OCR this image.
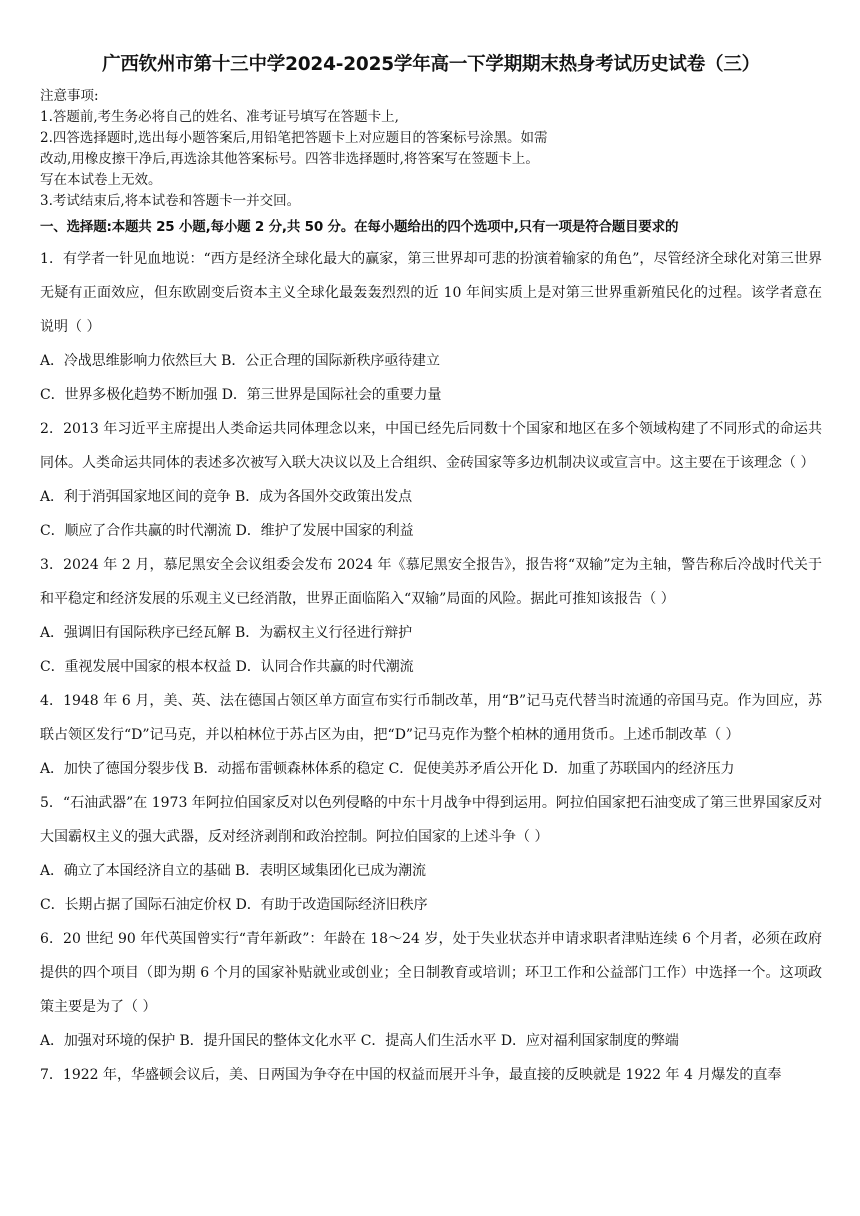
广西钦州市第十三中学2024-2025学年高一下学期期末热身考试历史试卷（三）
注意事项:
1.答题前,考生务必将自己的姓名、准考证号填写在答题卡上,
2.四答选择题时,选出每小题答案后,用铅笔把答题卡上对应题目的答案标号涂黑。如需
改动,用橡皮擦干净后,再选涂其他答案标号。四答非选择题时,将答案写在签题卡上。
写在本试卷上无效。
3.考试结束后,将本试卷和答题卡一并交回。
一、选择题:本题共 25 小题,每小题 2 分,共 50 分。在每小题给出的四个选项中,只有一项是符合题目要求的
1．有学者一针见血地说：“西方是经济全球化最大的赢家，第三世界却可悲的扮演着输家的角色”，尽管经济全球化对第三世界无疑有正面效应，但东欧剧变后资本主义全球化最轰轰烈烈的近 10 年间实质上是对第三世界重新殖民化的过程。该学者意在说明（ ）
A．冷战思维影响力依然巨大 B．公正合理的国际新秩序亟待建立
C．世界多极化趋势不断加强 D．第三世界是国际社会的重要力量
2．2013 年习近平主席提出人类命运共同体理念以来，中国已经先后同数十个国家和地区在多个领域构建了不同形式的命运共同体。人类命运共同体的表述多次被写入联大决议以及上合组织、金砖国家等多边机制决议或宣言中。这主要在于该理念（ ）
A．利于消弭国家地区间的竞争 B．成为各国外交政策出发点
C．顺应了合作共赢的时代潮流 D．维护了发展中国家的利益
3．2024 年 2 月，慕尼黑安全会议组委会发布 2024 年《慕尼黑安全报告》，报告将“双输”定为主轴，警告称后冷战时代关于和平稳定和经济发展的乐观主义已经消散，世界正面临陷入“双输”局面的风险。据此可推知该报告（ ）
A．强调旧有国际秩序已经瓦解 B．为霸权主义行径进行辩护
C．重视发展中国家的根本权益 D．认同合作共赢的时代潮流
4．1948 年 6 月，美、英、法在德国占领区单方面宣布实行币制改革，用“B”记马克代替当时流通的帝国马克。作为回应，苏联占领区发行“D”记马克，并以柏林位于苏占区为由，把“D”记马克作为整个柏林的通用货币。上述币制改革（ ）
A．加快了德国分裂步伐 B．动摇布雷顿森林体系的稳定 C．促使美苏矛盾公开化 D．加重了苏联国内的经济压力
5．“石油武器”在 1973 年阿拉伯国家反对以色列侵略的中东十月战争中得到运用。阿拉伯国家把石油变成了第三世界国家反对大国霸权主义的强大武器，反对经济剥削和政治控制。阿拉伯国家的上述斗争（ ）
A．确立了本国经济自立的基础 B．表明区域集团化已成为潮流
C．长期占据了国际石油定价权 D．有助于改造国际经济旧秩序
6．20 世纪 90 年代英国曾实行“青年新政”：年龄在 18～24 岁，处于失业状态并申请求职者津贴连续 6 个月者，必须在政府提供的四个项目（即为期 6 个月的国家补贴就业或创业；全日制教育或培训；环卫工作和公益部门工作）中选择一个。这项政策主要是为了（ ）
A．加强对环境的保护 B．提升国民的整体文化水平 C．提高人们生活水平 D．应对福利国家制度的弊端
7．1922 年，华盛顿会议后，美、日两国为争夺在中国的权益而展开斗争，最直接的反映就是 1922 年 4 月爆发的直奉
